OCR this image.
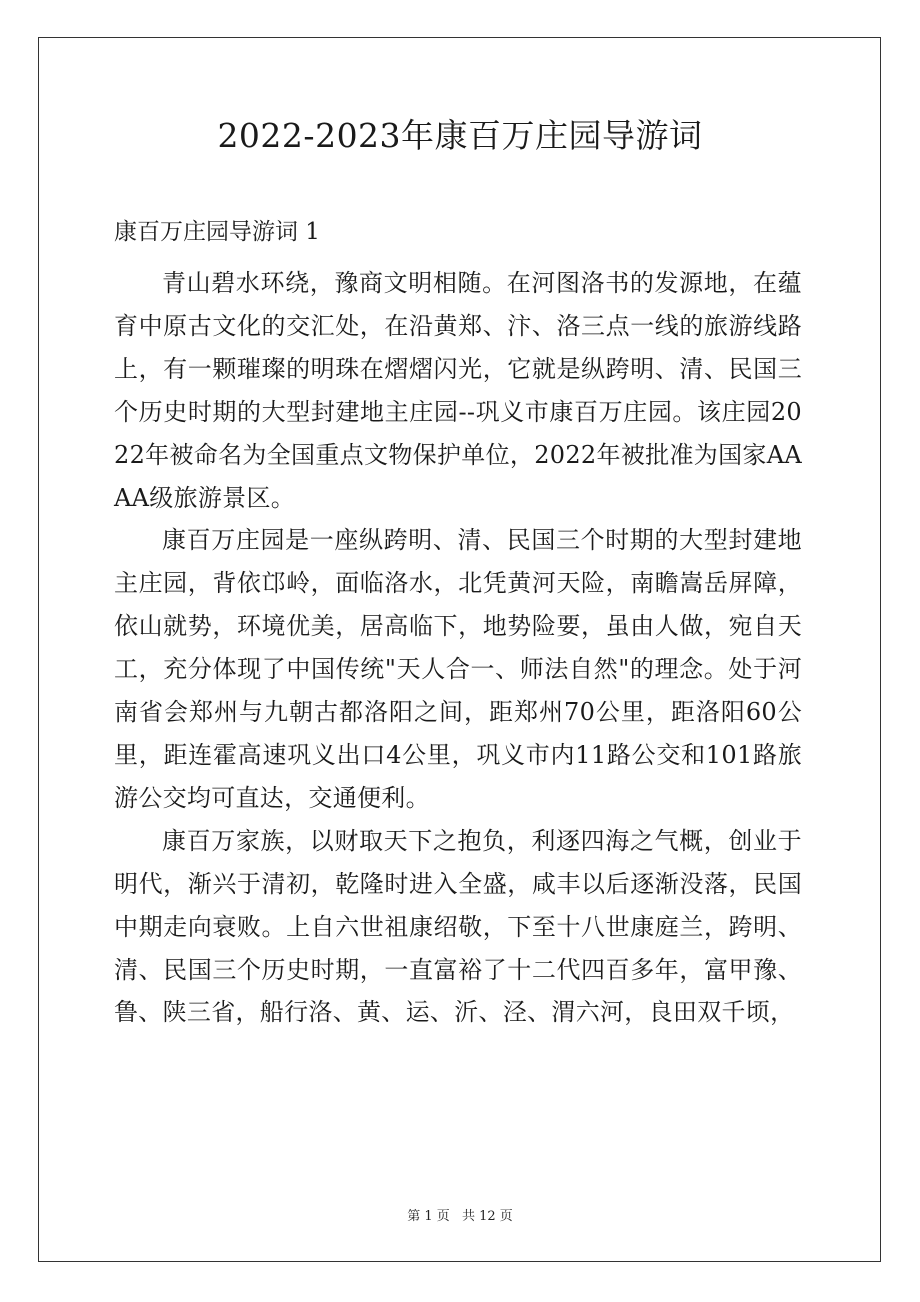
2022-2023年康百万庄园导游词
康百万庄园导游词 1

青山碧水环绕，豫商文明相随。在河图洛书的发源地，在蕴育中原古文化的交汇处，在沿黄郑、汴、洛三点一线的旅游线路上，有一颗璀璨的明珠在熠熠闪光，它就是纵跨明、清、民国三个历史时期的大型封建地主庄园--巩义市康百万庄园。该庄园2022年被命名为全国重点文物保护单位，2022年被批准为国家AAAA级旅游景区。

康百万庄园是一座纵跨明、清、民国三个时期的大型封建地主庄园，背依邙岭，面临洛水，北凭黄河天险，南瞻嵩岳屏障，依山就势，环境优美，居高临下，地势险要，虽由人做，宛自天工，充分体现了中国传统"天人合一、师法自然"的理念。处于河南省会郑州与九朝古都洛阳之间，距郑州70公里，距洛阳60公里，距连霍高速巩义出口4公里，巩义市内11路公交和101路旅游公交均可直达，交通便利。

康百万家族，以财取天下之抱负，利逐四海之气概，创业于明代，渐兴于清初，乾隆时进入全盛，咸丰以后逐渐没落，民国中期走向衰败。上自六世祖康绍敬，下至十八世康庭兰，跨明、清、民国三个历史时期，一直富裕了十二代四百多年，富甲豫、鲁、陕三省，船行洛、黄、运、沂、泾、渭六河，良田双千顷，

第 1 页 共 12 页
